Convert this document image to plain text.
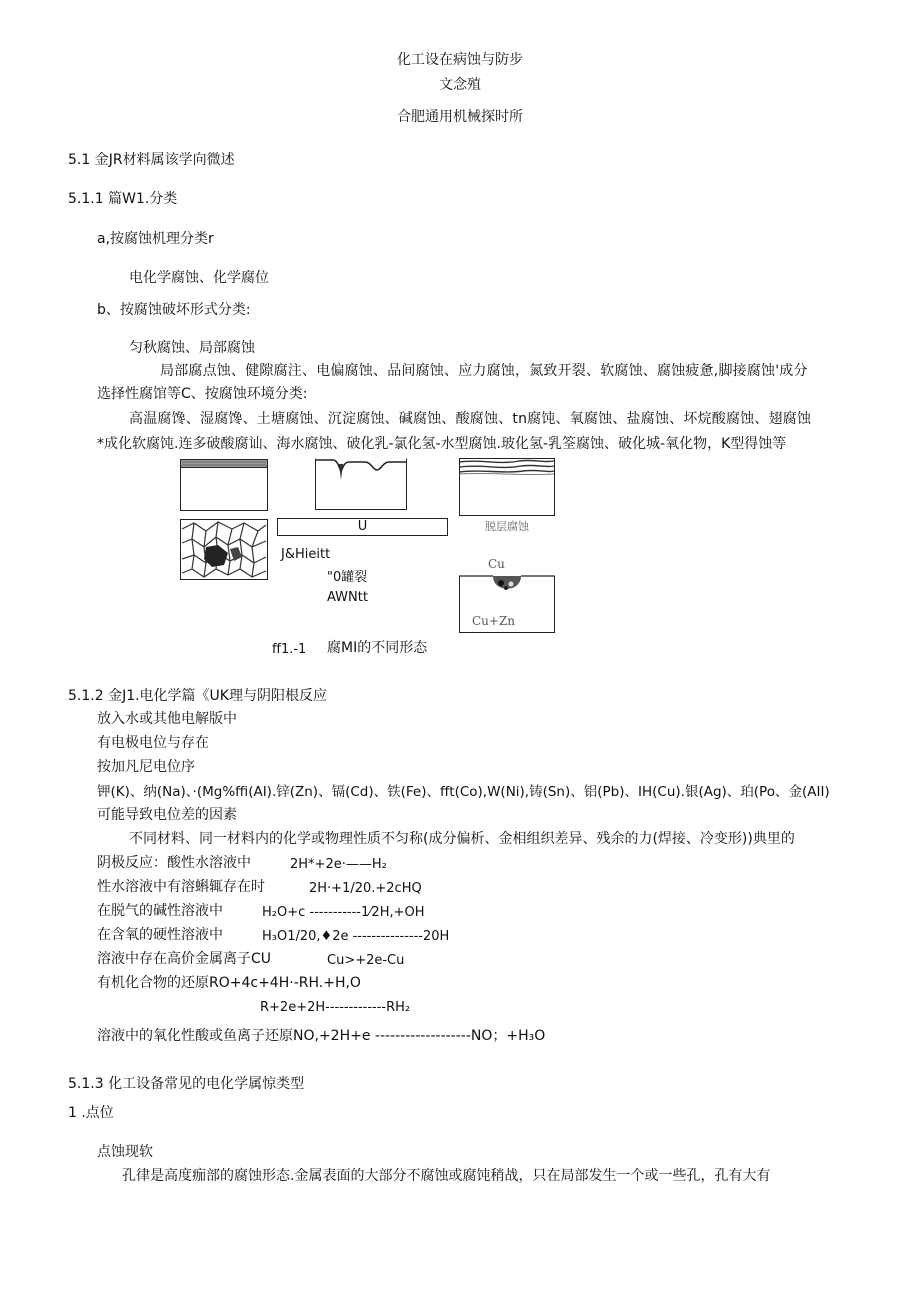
化工设在病蚀与防步
文念殖
合肥通用机械探时所
5.1 金JR材料属该学向微述
5.1.1 篇W1.分类
a,按腐蚀机理分类r
电化学腐蚀、化学腐位
b、按腐蚀破坏形式分类:
匀秋腐蚀、局部腐蚀
局部腐点蚀、健隙腐注、电偏腐蚀、品间腐蚀、应力腐蚀，氮致开裂、软腐蚀、腐蚀疲惫,脚接腐蚀'成分
选择性腐馆等C、按腐蚀环境分类:
高温腐馋、湿腐馋、土塘腐蚀、沉淀腐蚀、碱腐蚀、酸腐蚀、tn腐饨、氧腐蚀、盐腐蚀、坏烷酸腐蚀、翅腐蚀
*成化软腐饨.连多破酸腐讪、海水腐蚀、破化乳-氯化氢-水型腐蚀.玻化氢-乳筌腐蚀、破化城-氧化物，K型得蚀等
U
J&Hieitt
"0罐裂
AWNtt
脱层腐蚀
Cu
Cu+Zn
ff1.-1 腐MI的不同形态
5.1.2 金J1.电化学篇《UK理与阴阳根反应
放入水或其他电解版中
有电极电位与存在
按加凡尼电位序
钾(K)、纳(Na)、·(Mg%ffi(AI).锌(Zn)、镉(Cd)、铁(Fe)、fft(Co),W(Ni),铸(Sn)、铝(Pb)、IH(Cu).银(Ag)、珀(Po、金(AII)
可能导致电位差的因素
不同材料、同一材料内的化学或物理性质不匀称(成分偏析、金相组织差异、残余的力(焊接、冷变形))典里的
阴极反应：酸性水溶液中	2H*+2e·——H₂
性水溶液中有溶蝌辄存在时	2H·+1/20.+2cHQ
在脱气的碱性溶液中	H₂O+c -----------1⁄2H,+OH
在含氧的硬性溶液中	H₃O1/20,♦2e ---------------20H
溶液中存在高价金属离子CU	Cu>+2e-Cu
有机化合物的还原RO+4c+4H·-RH.+H,O
R+2e+2H-------------RH₂
溶液中的氧化性酸或鱼离子还原NO,+2H+e -------------------NO；+H₃O
5.1.3 化工设备常见的电化学属惊类型
1 .点位
点蚀现软
孔律是高度痂部的腐蚀形态.金属表面的大部分不腐蚀或腐饨稍战，只在局部发生一个或一些孔，孔有大有
